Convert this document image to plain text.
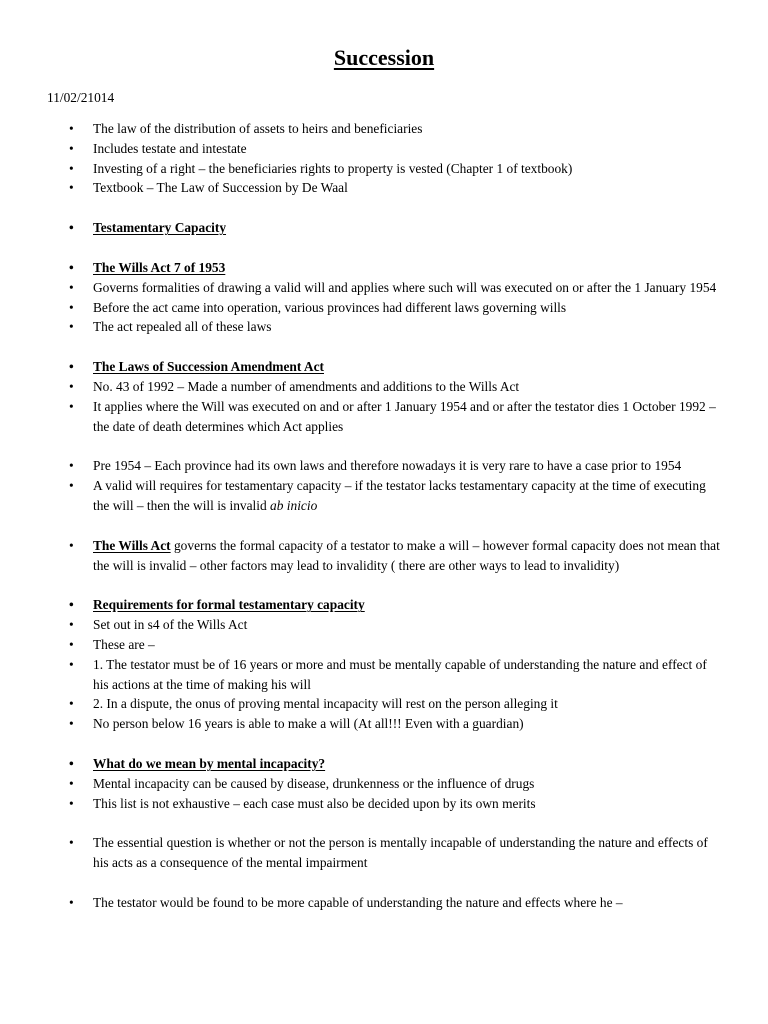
Succession
11/02/21014
• The law of the distribution of assets to heirs and beneficiaries
• Includes testate and intestate
• Investing of a right – the beneficiaries rights to property is vested (Chapter 1 of textbook)
• Textbook – The Law of Succession by De Waal
• Testamentary Capacity
• The Wills Act 7 of 1953
• Governs formalities of drawing a valid will and applies where such will was executed on or after the 1 January 1954
• Before the act came into operation, various provinces had different laws governing wills
• The act repealed all of these laws
• The Laws of Succession Amendment Act
• No. 43 of 1992 – Made a number of amendments and additions to the Wills Act
• It applies where the Will was executed on and or after 1 January 1954 and or after the testator dies 1 October 1992 – the date of death determines which Act applies
• Pre 1954 – Each province had its own laws and therefore nowadays it is very rare to have a case prior to 1954
• A valid will requires for testamentary capacity – if the testator lacks testamentary capacity at the time of executing the will – then the will is invalid ab inicio
• The Wills Act governs the formal capacity of a testator to make a will – however formal capacity does not mean that the will is invalid – other factors may lead to invalidity ( there are other ways to lead to invalidity)
• Requirements for formal testamentary capacity
• Set out in s4 of the Wills Act
• These are –
• 1. The testator must be of 16 years or more and must be mentally capable of understanding the nature and effect of his actions at the time of making his will
• 2. In a dispute, the onus of proving mental incapacity will rest on the person alleging it
• No person below 16 years is able to make a will (At all!!! Even with a guardian)
• What do we mean by mental incapacity?
• Mental incapacity can be caused by disease, drunkenness or the influence of drugs
• This list is not exhaustive – each case must also be decided upon by its own merits
• The essential question is whether or not the person is mentally incapable of understanding the nature and effects of his acts as a consequence of the mental impairment
• The testator would be found to be more capable of understanding the nature and effects where he –
